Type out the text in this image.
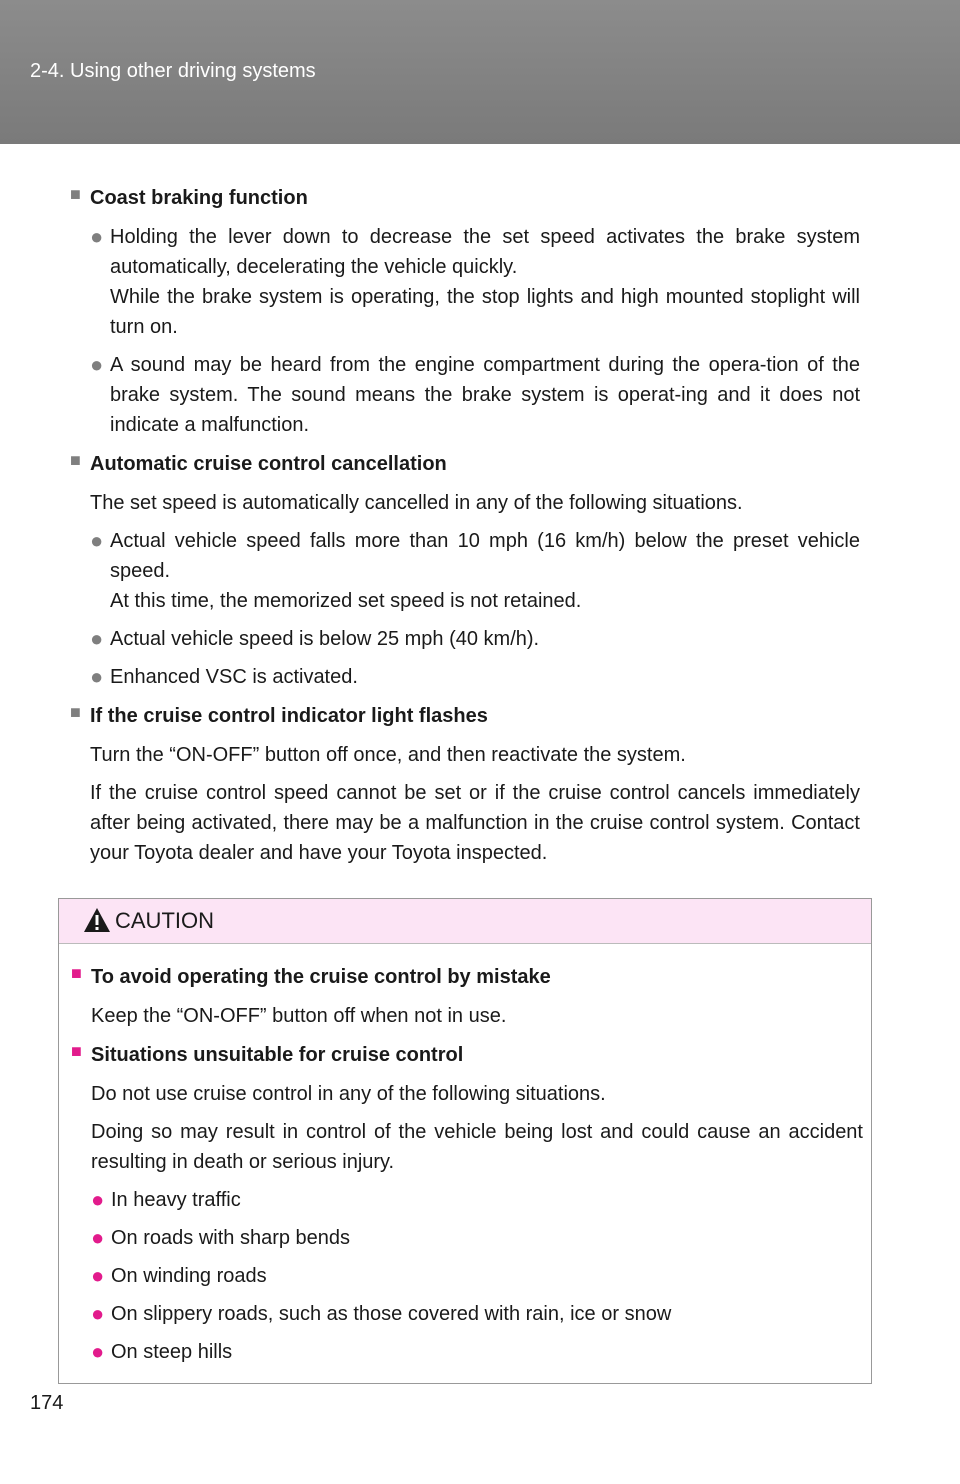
2-4. Using other driving systems
■ Coast braking function
● Holding the lever down to decrease the set speed activates the brake system automatically, decelerating the vehicle quickly.
While the brake system is operating, the stop lights and high mounted stoplight will turn on.
● A sound may be heard from the engine compartment during the opera-tion of the brake system. The sound means the brake system is operat-ing and it does not indicate a malfunction.
■ Automatic cruise control cancellation
The set speed is automatically cancelled in any of the following situations.
● Actual vehicle speed falls more than 10 mph (16 km/h) below the preset vehicle speed.
At this time, the memorized set speed is not retained.
● Actual vehicle speed is below 25 mph (40 km/h).
● Enhanced VSC is activated.
■ If the cruise control indicator light flashes
Turn the “ON-OFF” button off once, and then reactivate the system.
If the cruise control speed cannot be set or if the cruise control cancels immediately after being activated, there may be a malfunction in the cruise control system. Contact your Toyota dealer and have your Toyota inspected.
CAUTION
■ To avoid operating the cruise control by mistake
Keep the “ON-OFF” button off when not in use.
■ Situations unsuitable for cruise control
Do not use cruise control in any of the following situations.
Doing so may result in control of the vehicle being lost and could cause an accident resulting in death or serious injury.
● In heavy traffic
● On roads with sharp bends
● On winding roads
● On slippery roads, such as those covered with rain, ice or snow
● On steep hills
174
